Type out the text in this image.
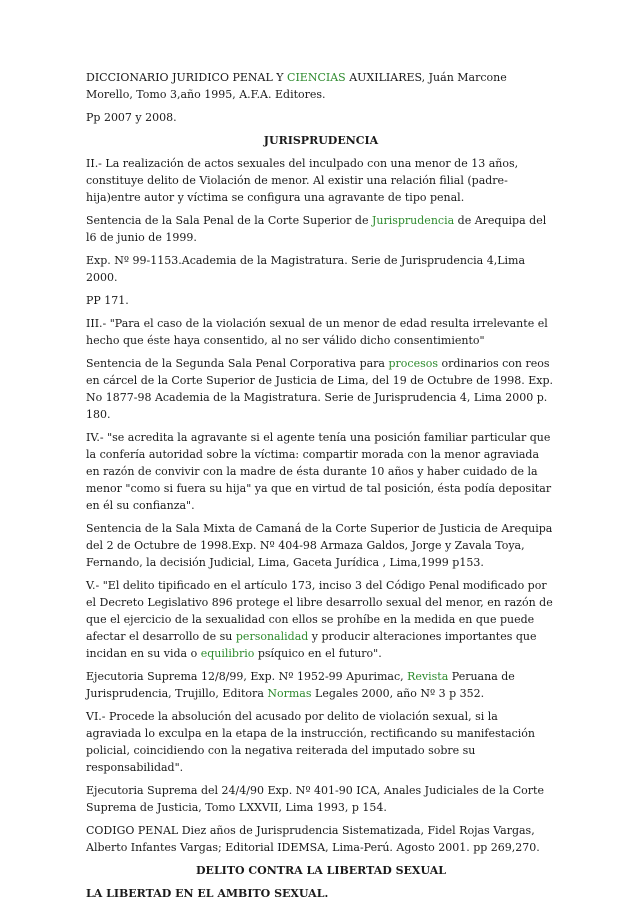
DICCIONARIO JURIDICO PENAL Y CIENCIAS AUXILIARES, Juán Marcone Morello, Tomo 3,año 1995, A.F.A. Editores.

Pp 2007 y 2008.

JURISPRUDENCIA

II.- La realización de actos sexuales del inculpado con una menor de 13 años, constituye delito de Violación de menor. Al existir una relación filial (padre-hija)entre autor y víctima se configura una agravante de tipo penal.

Sentencia de la Sala Penal de la Corte Superior de Jurisprudencia de Arequipa del l6 de junio de 1999.

Exp. Nº 99-1153.Academia de la Magistratura. Serie de Jurisprudencia 4,Lima 2000.

PP 171.

III.- "Para el caso de la violación sexual de un menor de edad resulta irrelevante el hecho que éste haya consentido, al no ser válido dicho consentimiento"

Sentencia de la Segunda Sala Penal Corporativa para procesos ordinarios con reos en cárcel de la Corte Superior de Justicia de Lima, del 19 de Octubre de 1998. Exp. No 1877-98 Academia de la Magistratura. Serie de Jurisprudencia 4, Lima 2000 p. 180.

IV.- "se acredita la agravante si el agente tenía una posición familiar particular que la confería autoridad sobre la víctima: compartir morada con la menor agraviada en razón de convivir con la madre de ésta durante 10 años y haber cuidado de la menor "como si fuera su hija" ya que en virtud de tal posición, ésta podía depositar en él su confianza".

Sentencia de la Sala Mixta de Camaná de la Corte Superior de Justicia de Arequipa del 2 de Octubre de 1998.Exp. Nº 404-98 Armaza Galdos, Jorge y Zavala Toya, Fernando, la decisión Judicial, Lima, Gaceta Jurídica , Lima,1999 p153.

V.- "El delito tipificado en el artículo 173, inciso 3 del Código Penal modificado por el Decreto Legislativo 896 protege el libre desarrollo sexual del menor, en razón de que el ejercicio de la sexualidad con ellos se prohíbe en la medida en que puede afectar el desarrollo de su personalidad y producir alteraciones importantes que incidan en su vida o equilibrio psíquico en el futuro".

Ejecutoria Suprema 12/8/99, Exp. Nº 1952-99 Apurimac, Revista Peruana de Jurisprudencia, Trujillo, Editora Normas Legales 2000, año Nº 3 p 352.

VI.- Procede la absolución del acusado por delito de violación sexual, si la agraviada lo exculpa en la etapa de la instrucción, rectificando su manifestación policial, coincidiendo con la negativa reiterada del imputado sobre su responsabilidad".

Ejecutoria Suprema del 24/4/90 Exp. Nº 401-90 ICA, Anales Judiciales de la Corte Suprema de Justicia, Tomo LXXVII, Lima 1993, p 154.

CODIGO PENAL Diez años de Jurisprudencia Sistematizada, Fidel Rojas Vargas, Alberto Infantes Vargas; Editorial IDEMSA, Lima-Perú. Agosto 2001. pp 269,270.

DELITO CONTRA LA LIBERTAD SEXUAL

LA LIBERTAD EN EL AMBITO SEXUAL.
